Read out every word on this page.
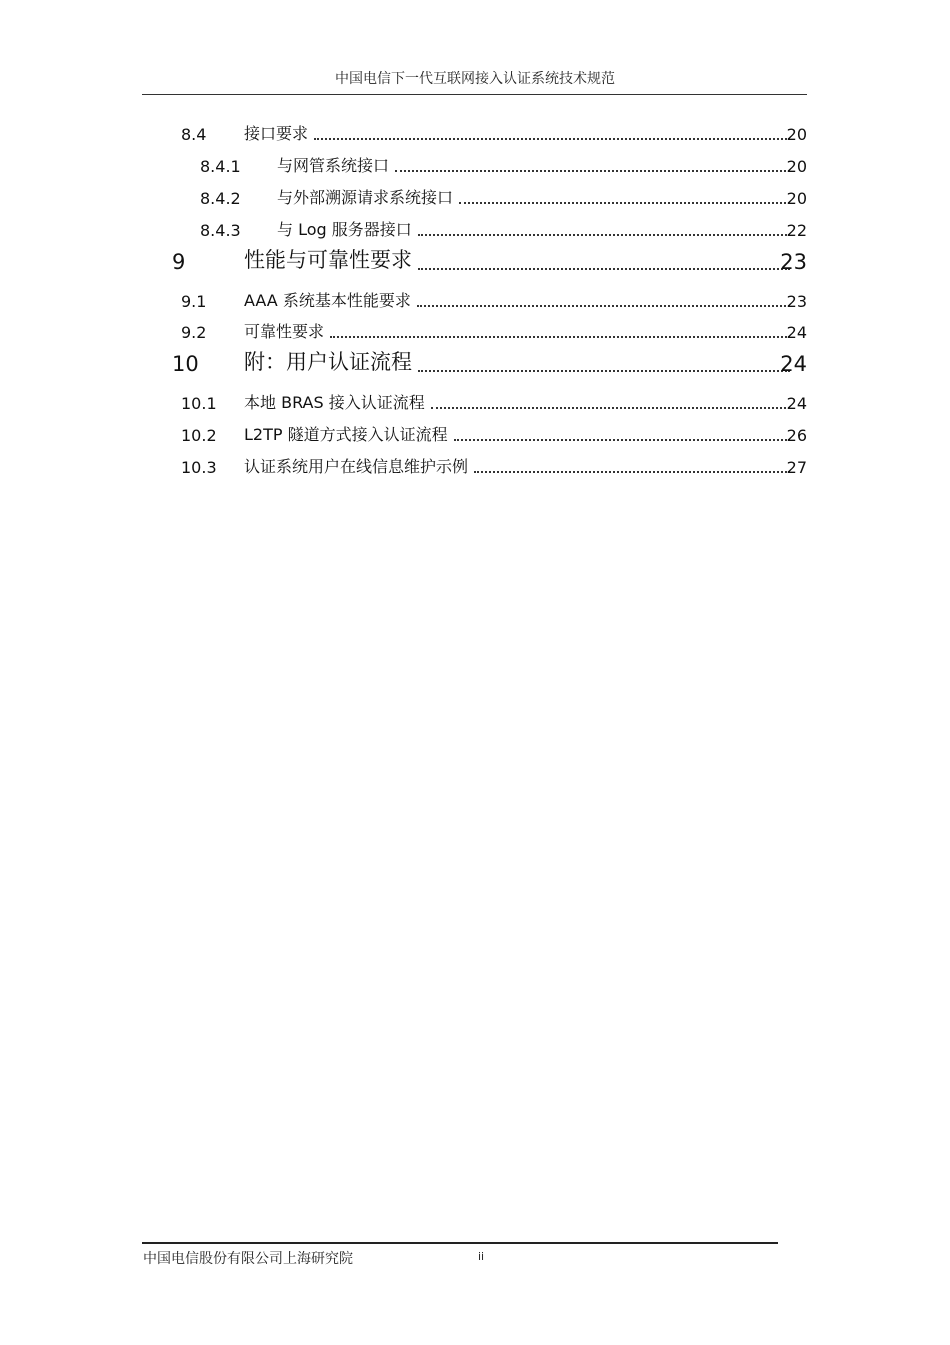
中国电信下一代互联网接入认证系统技术规范
8.4 接口要求	20
8.4.1 与网管系统接口	20
8.4.2 与外部溯源请求系统接口	20
8.4.3 与 Log 服务器接口	22
9	性能与可靠性要求	23
9.1 AAA 系统基本性能要求	23
9.2 可靠性要求	24
10 附：用户认证流程	24
10.1 本地 BRAS 接入认证流程	24
10.2 L2TP 隧道方式接入认证流程	26
10.3 认证系统用户在线信息维护示例	27
中国电信股份有限公司上海研究院	ii
